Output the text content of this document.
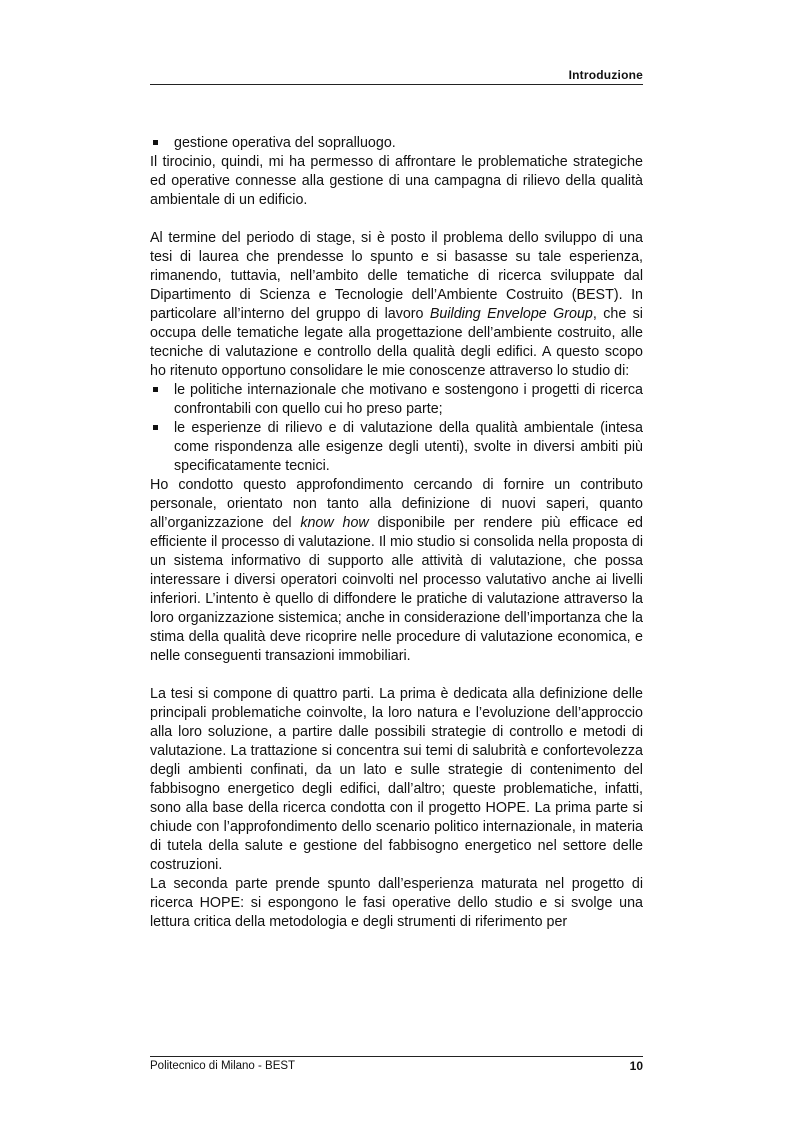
Introduzione
gestione operativa del sopralluogo.

Il tirocinio, quindi, mi ha permesso di affrontare le problematiche strategiche ed operative connesse alla gestione di una campagna di rilievo della qualità ambientale di un edificio.

Al termine del periodo di stage, si è posto il problema dello sviluppo di una tesi di laurea che prendesse lo spunto e si basasse su tale esperienza, rimanendo, tuttavia, nell’ambito delle tematiche di ricerca sviluppate dal Dipartimento di Scienza e Tecnologie dell’Ambiente Costruito (BEST). In particolare all’interno del gruppo di lavoro Building Envelope Group, che si occupa delle tematiche legate alla progettazione dell’ambiente costruito, alle tecniche di valutazione e controllo della qualità degli edifici. A questo scopo ho ritenuto opportuno consolidare le mie conoscenze attraverso lo studio di:

le politiche internazionale che motivano e sostengono i progetti di ricerca confrontabili con quello cui ho preso parte;
le esperienze di rilievo e di valutazione della qualità ambientale (intesa come rispondenza alle esigenze degli utenti), svolte in diversi ambiti più specificatamente tecnici.

Ho condotto questo approfondimento cercando di fornire un contributo personale, orientato non tanto alla definizione di nuovi saperi, quanto all’organizzazione del know how disponibile per rendere più efficace ed efficiente il processo di valutazione. Il mio studio si consolida nella proposta di un sistema informativo di supporto alle attività di valutazione, che possa interessare i diversi operatori coinvolti nel processo valutativo anche ai livelli inferiori. L’intento è quello di diffondere le pratiche di valutazione attraverso la loro organizzazione sistemica; anche in considerazione dell’importanza che la stima della qualità deve ricoprire nelle procedure di valutazione economica, e nelle conseguenti transazioni immobiliari.

La tesi si compone di quattro parti. La prima è dedicata alla definizione delle principali problematiche coinvolte, la loro natura e l’evoluzione dell’approccio alla loro soluzione, a partire dalle possibili strategie di controllo e metodi di valutazione. La trattazione si concentra sui temi di salubrità e confortevolezza degli ambienti confinati, da un lato e sulle strategie di contenimento del fabbisogno energetico degli edifici, dall’altro; queste problematiche, infatti, sono alla base della ricerca condotta con il progetto HOPE. La prima parte si chiude con l’approfondimento dello scenario politico internazionale, in materia di tutela della salute e gestione del fabbisogno energetico nel settore delle costruzioni.

La seconda parte prende spunto dall’esperienza maturata nel progetto di ricerca HOPE: si espongono le fasi operative dello studio e si svolge una lettura critica della metodologia e degli strumenti di riferimento per

Politecnico di Milano - BEST	10
